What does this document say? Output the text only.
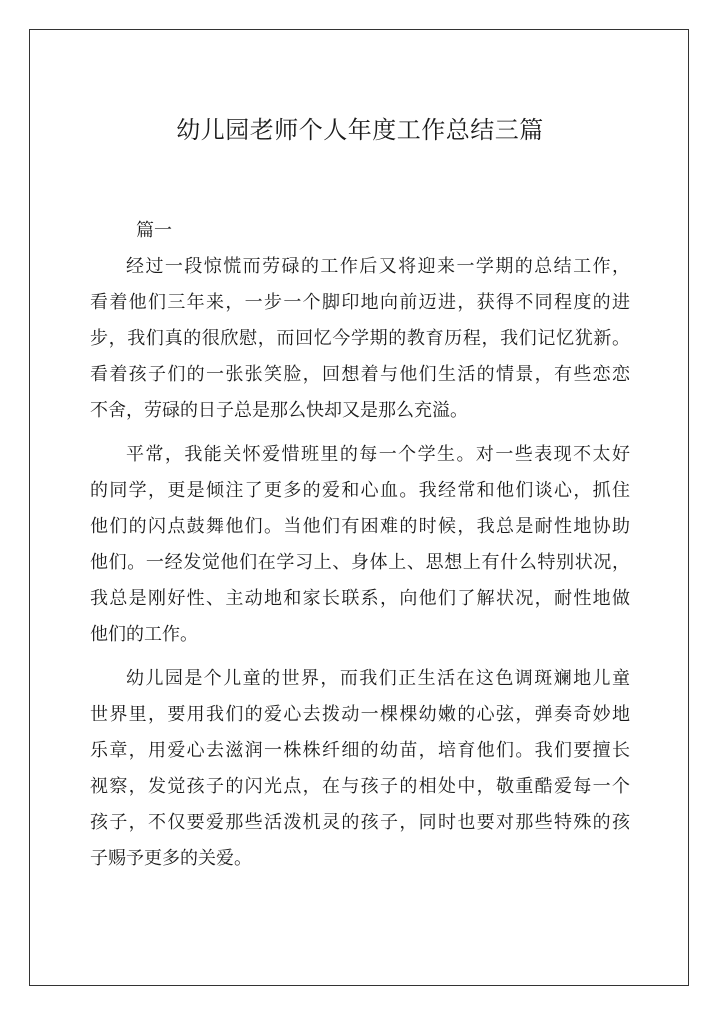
幼儿园老师个人年度工作总结三篇
篇一
经过一段惊慌而劳碌的工作后又将迎来一学期的总结工作，
看着他们三年来，一步一个脚印地向前迈进，获得不同程度的进
步，我们真的很欣慰，而回忆今学期的教育历程，我们记忆犹新。
看着孩子们的一张张笑脸，回想着与他们生活的情景，有些恋恋
不舍，劳碌的日子总是那么快却又是那么充溢。
平常，我能关怀爱惜班里的每一个学生。对一些表现不太好
的同学，更是倾注了更多的爱和心血。我经常和他们谈心，抓住
他们的闪点鼓舞他们。当他们有困难的时候，我总是耐性地协助
他们。一经发觉他们在学习上、身体上、思想上有什么特别状况，
我总是刚好性、主动地和家长联系，向他们了解状况，耐性地做
他们的工作。
幼儿园是个儿童的世界，而我们正生活在这色调斑斓地儿童
世界里，要用我们的爱心去拨动一棵棵幼嫩的心弦，弹奏奇妙地
乐章，用爱心去滋润一株株纤细的幼苗，培育他们。我们要擅长
视察，发觉孩子的闪光点，在与孩子的相处中，敬重酷爱每一个
孩子，不仅要爱那些活泼机灵的孩子，同时也要对那些特殊的孩
子赐予更多的关爱。
